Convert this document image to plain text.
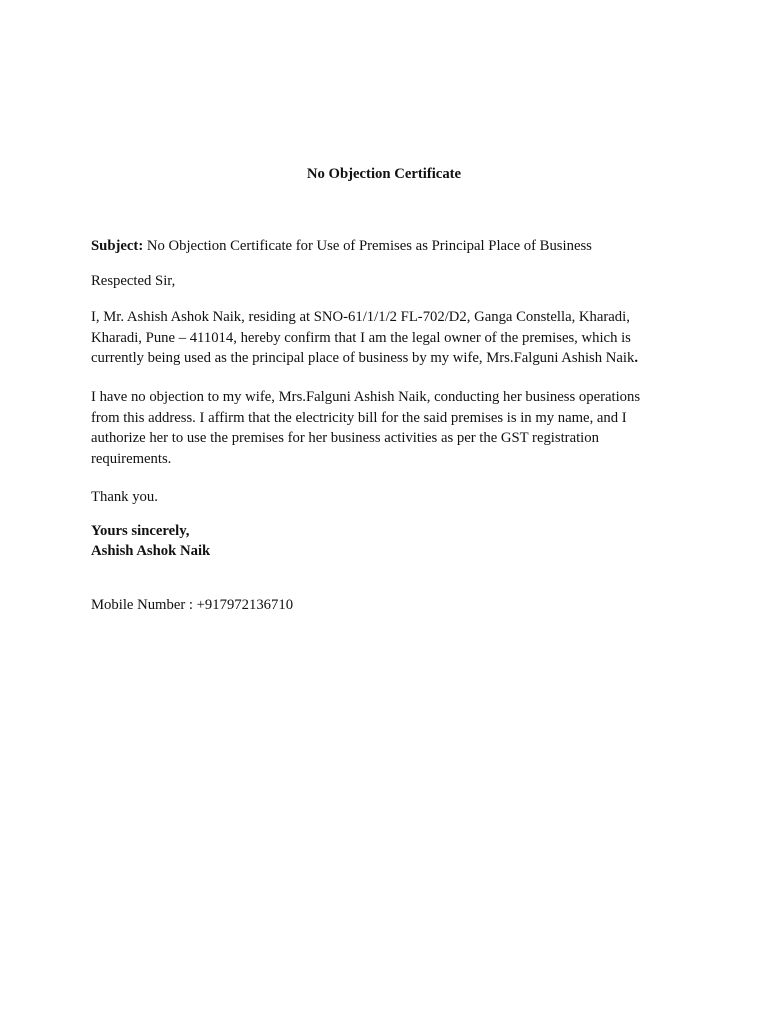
No Objection Certificate

Subject: No Objection Certificate for Use of Premises as Principal Place of Business

Respected Sir,

I, Mr. Ashish Ashok Naik, residing at SNO-61/1/1/2 FL-702/D2, Ganga Constella, Kharadi, Kharadi, Pune – 411014, hereby confirm that I am the legal owner of the premises, which is currently being used as the principal place of business by my wife, Mrs.Falguni Ashish Naik.

I have no objection to my wife, Mrs.Falguni Ashish Naik, conducting her business operations from this address. I affirm that the electricity bill for the said premises is in my name, and I authorize her to use the premises for her business activities as per the GST registration requirements.

Thank you.

Yours sincerely,
Ashish Ashok Naik

Mobile Number : +917972136710
